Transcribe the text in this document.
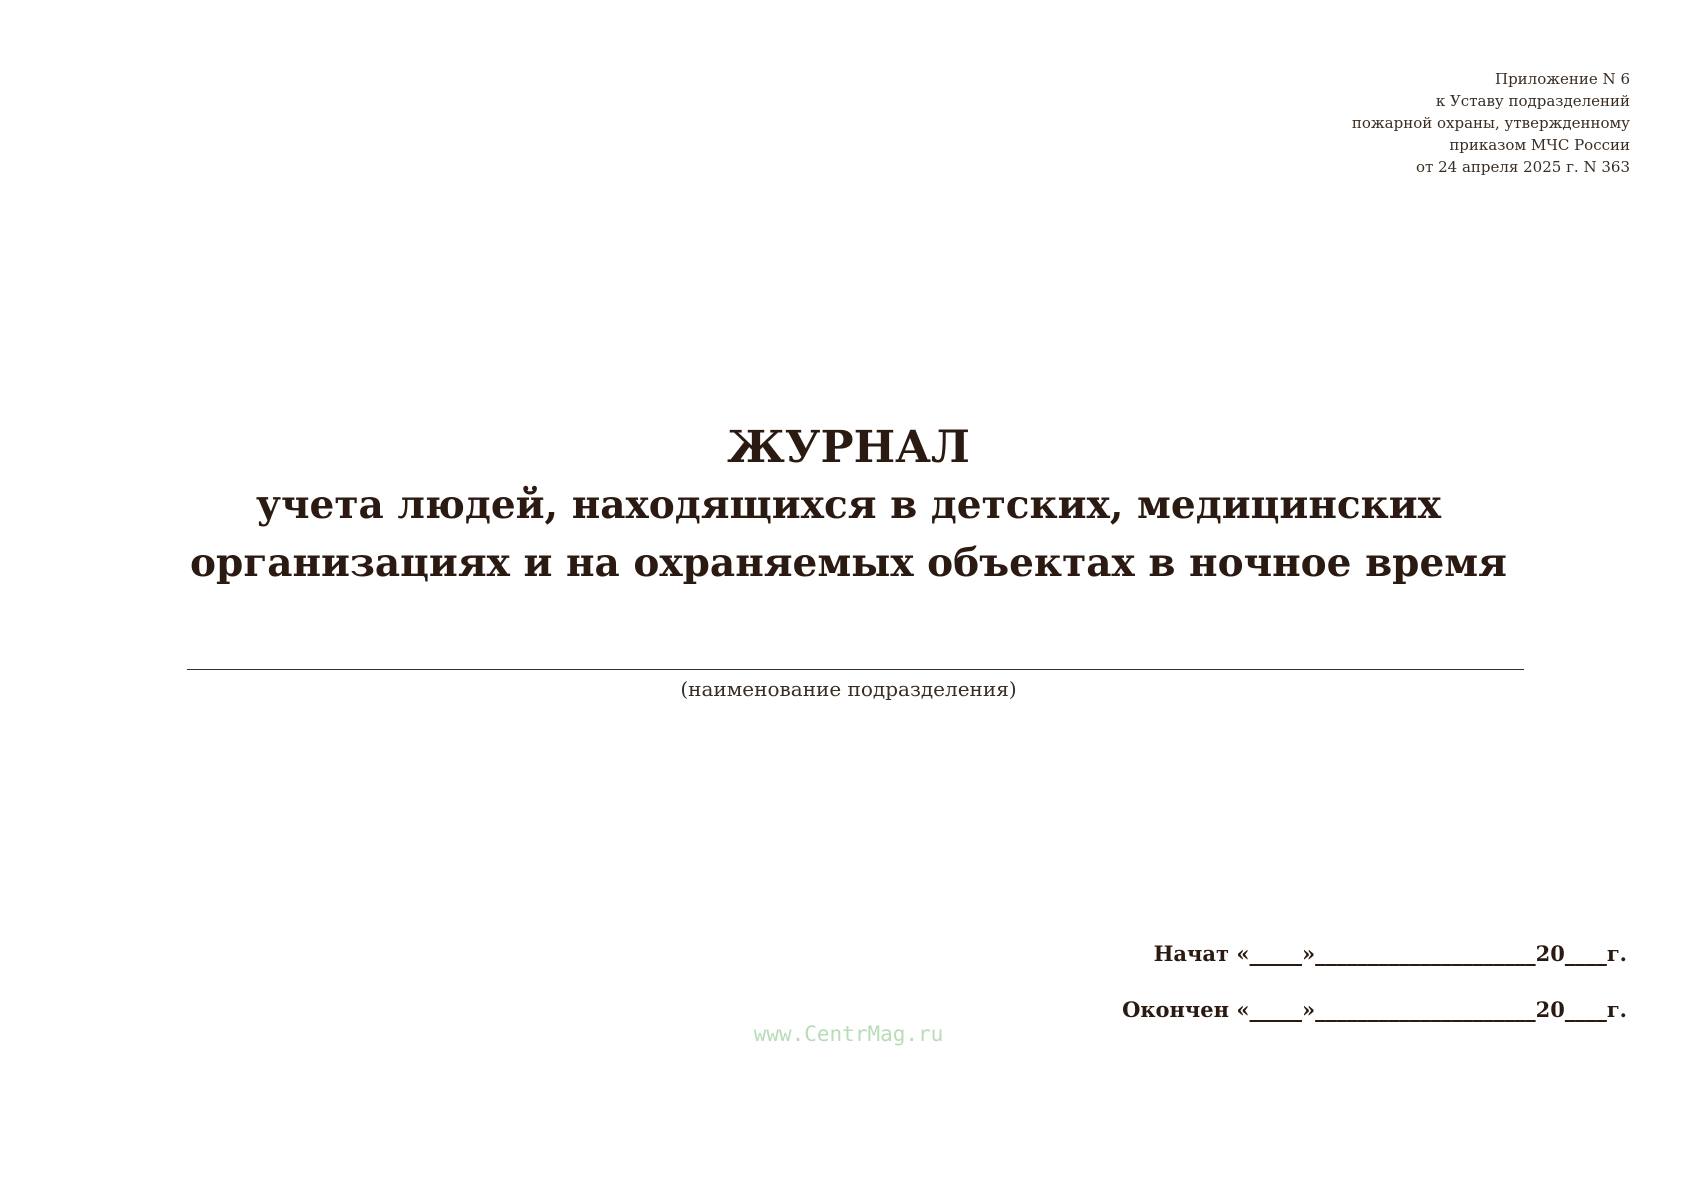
Приложение N 6
к Уставу подразделений
пожарной охраны, утвержденному
приказом МЧС России
от 24 апреля 2025 г. N 363
ЖУРНАЛ
учета людей, находящихся в детских, медицинских
организациях и на охраняемых объектах в ночное время
(наименование подразделения)
Начат «_____»_____________________20____г.
Окончен «_____»_____________________20____г.
www.CentrMag.ru
